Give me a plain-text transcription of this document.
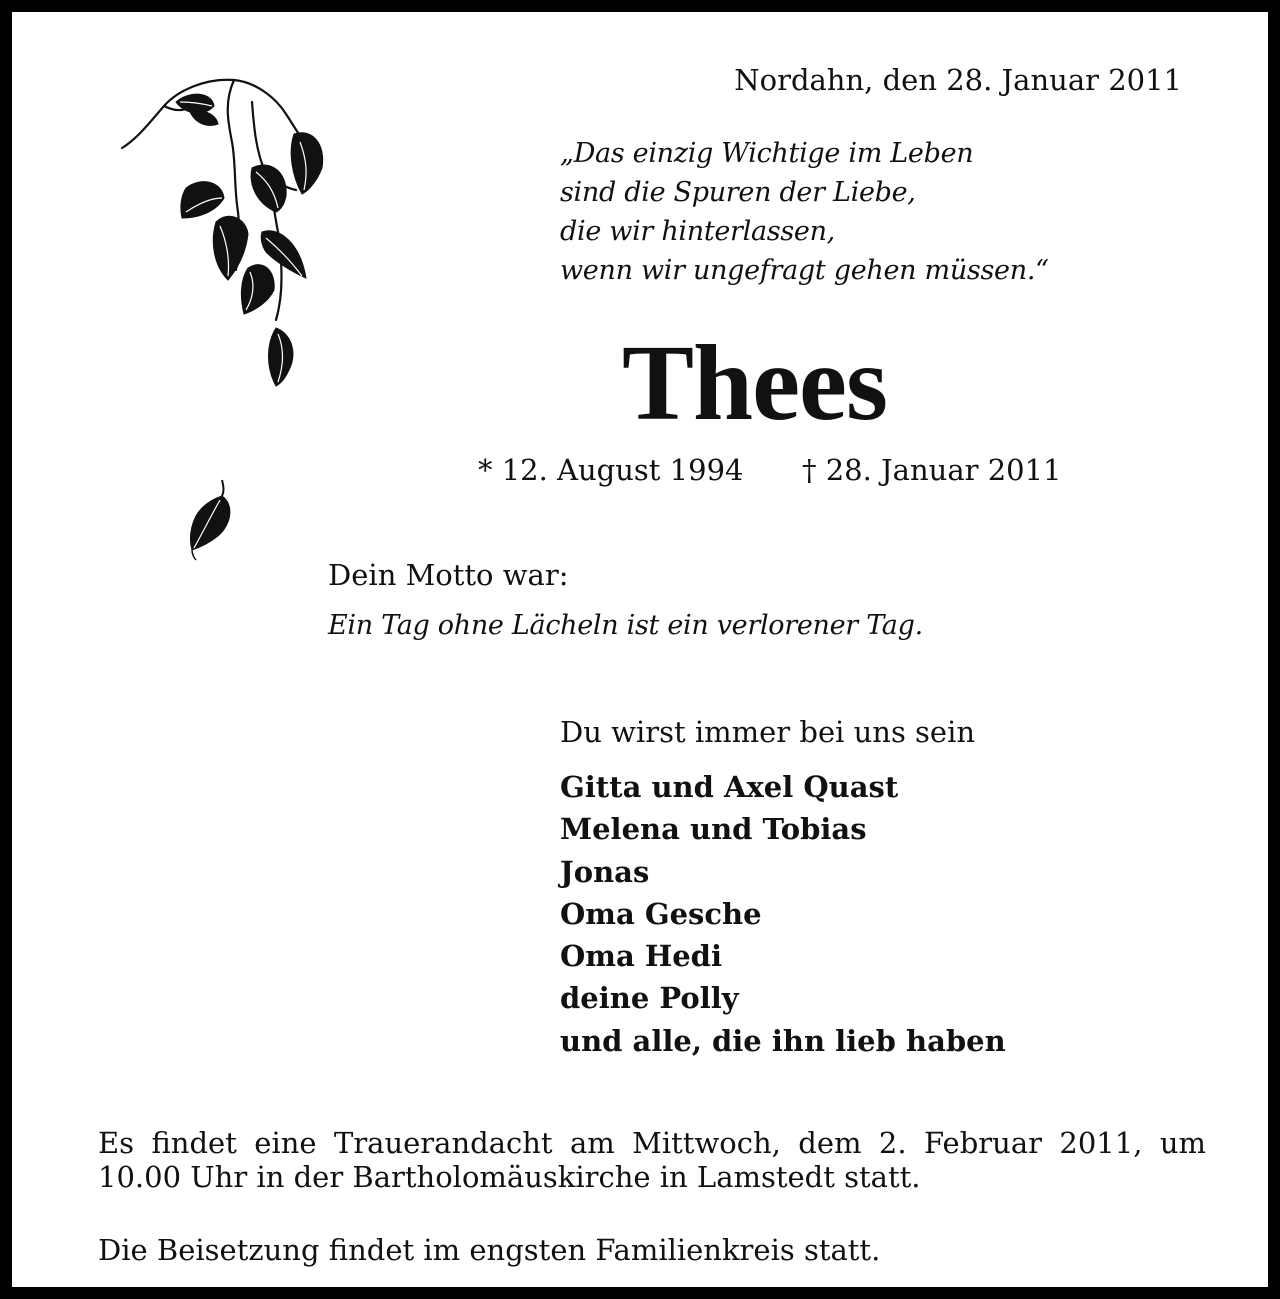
Nordahn, den 28. Januar 2011
„Das einzig Wichtige im Leben
sind die Spuren der Liebe,
die wir hinterlassen,
wenn wir ungefragt gehen müssen.“
Thees
* 12. August 1994 † 28. Januar 2011
Dein Motto war:
Ein Tag ohne Lächeln ist ein verlorener Tag.
Du wirst immer bei uns sein
Gitta und Axel Quast
Melena und Tobias
Jonas
Oma Gesche
Oma Hedi
deine Polly
und alle, die ihn lieb haben
Es findet eine Trauerandacht am Mittwoch, dem 2. Februar 2011, um 10.00 Uhr in der Bartholomäuskirche in Lamstedt statt.
Die Beisetzung findet im engsten Familienkreis statt.
